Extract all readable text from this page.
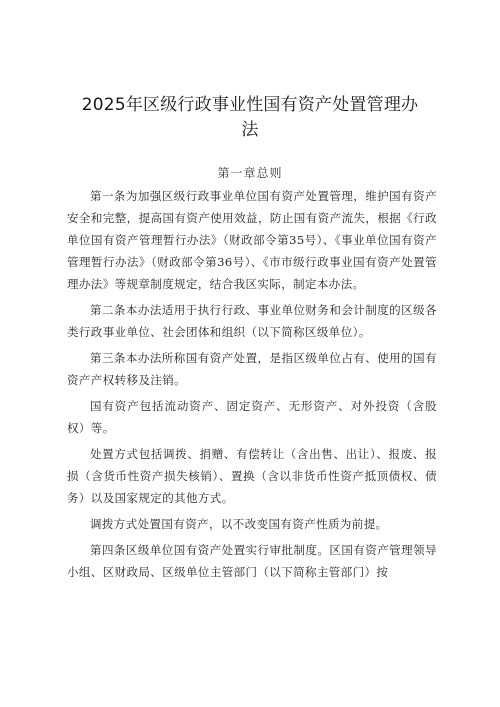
2025年区级行政事业性国有资产处置管理办
法
第一章总则

第一条为加强区级行政事业单位国有资产处置管理，维护国有资产安全和完整，提高国有资产使用效益，防止国有资产流失，根据《行政单位国有资产管理暂行办法》（财政部令第35号）、《事业单位国有资产管理暂行办法》（财政部令第36号）、《市市级行政事业国有资产处置管理办法》等规章制度规定，结合我区实际，制定本办法。

第二条本办法适用于执行行政、事业单位财务和会计制度的区级各类行政事业单位、社会团体和组织（以下简称区级单位）。

第三条本办法所称国有资产处置，是指区级单位占有、使用的国有资产产权转移及注销。

国有资产包括流动资产、固定资产、无形资产、对外投资（含股权）等。

处置方式包括调拨、捐赠、有偿转让（含出售、出让）、报废、报损（含货币性资产损失核销）、置换（含以非货币性资产抵顶债权、债务）以及国家规定的其他方式。

调拨方式处置国有资产，以不改变国有资产性质为前提。

第四条区级单位国有资产处置实行审批制度。区国有资产管理领导小组、区财政局、区级单位主管部门（以下简称主管部门）按
